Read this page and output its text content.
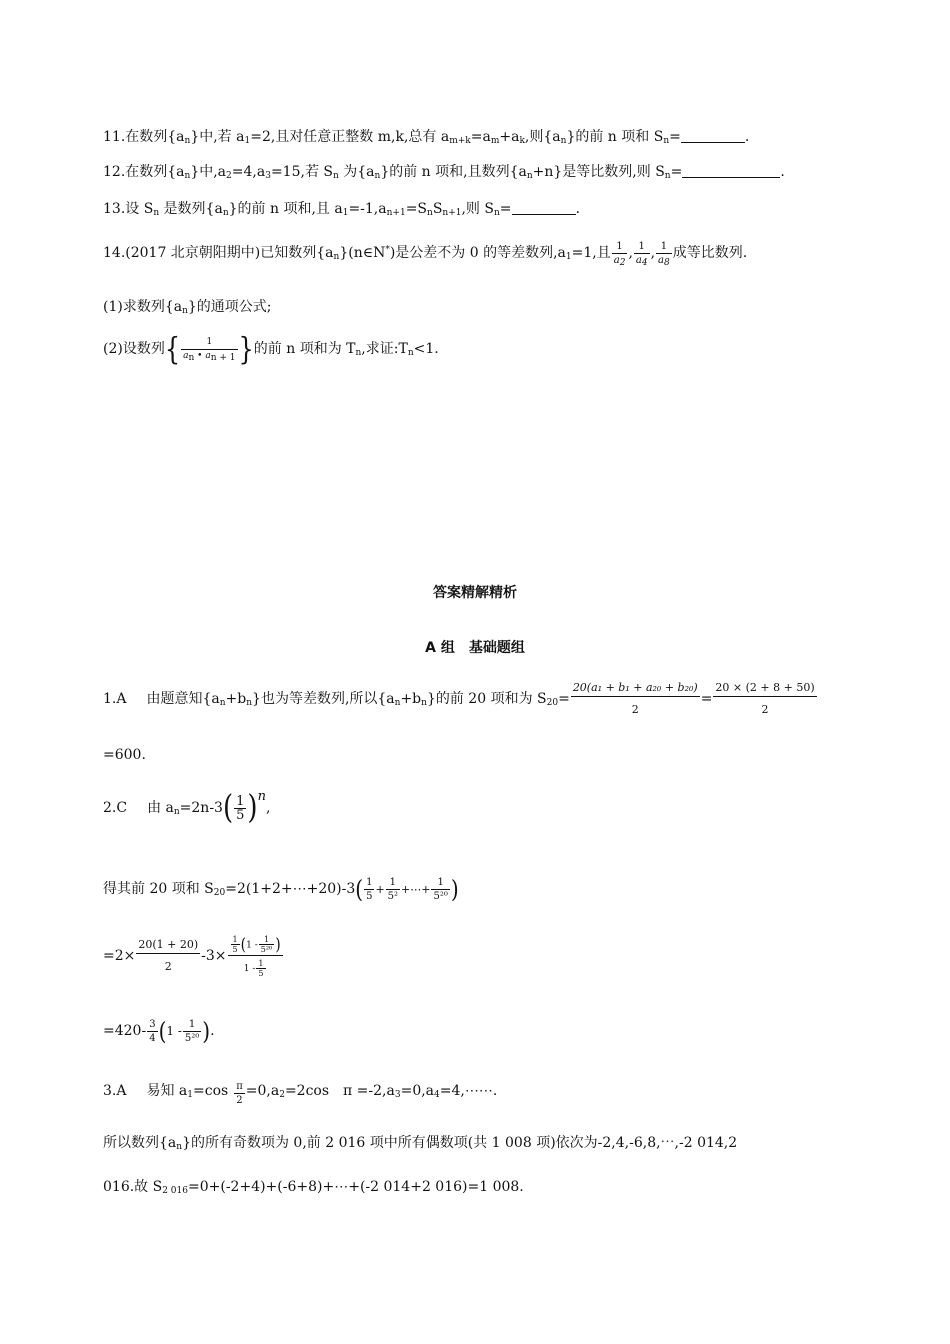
11.在数列$\{a_n\}$中,若 $a_1=2$,且对任意正整数 m,k,总有 $a_{m+k}=a_m+a_k$,则$\{a_n\}$的前 n 项和 $S_n=$	.
12.在数列$\{a_n\}$中$,a_2=4,a_3=15$,若 $S_n$ 为$\{a_n\}$的前 n 项和,且数列$\{a_n+n\}$是等比数列,则 $S_n=$	.
13.设 $S_n$ 是数列$\{a_n\}$的前 n 项和,且 $a_1=-1,a_{n+1}=S_nS_{n+1}$,则 $S_n=$	.
14.(2017 北京朝阳期中)已知数列$\{a_n\}(n\in N^*)$是公差不为 0 的等差数列$,a_1=1$,且 $\frac{1}{a_2}$ , $\frac{1}{a_4}$ , $\frac{1}{a_8}$ 成等比数列.
(1)求数列$\{a_n\}$的通项公式;
(2)设数列{ $\frac{1}{a_n • a_{n + 1}}$ }的前 n 项和为 $T_n$,求证$:T_n<1$.
答案精解精析
A 组　基础题组
1.A 由题意知$\{a_n+b_n\}$也为等差数列,所以$\{a_n+b_n\}$的前 20 项和为 $S_{20}= \frac{\text{20(a₁ + b₁ + a₂₀ + b₂₀)}}{2} = \frac{20 \times (2 + 8 + 50)}{2}$
=600.
2.C 由 $a_n=2n-3( \frac{1}{5} )^n$,
得其前 20 项和 $S_{20}=2(1+2+\cdots+20)-3( \frac{1}{5} + \frac{1}{\text{5²}}$ +⋯+ $\frac{1}{\text{5²⁰}}$ )
$=2\times \frac{20(1 + 20)}{2} -3\times \frac{\frac{1}{5} (1 - \frac{1}{\text{5²⁰}} )}{1 - \frac{1}{5}}$
$=420- \frac{3}{4} (1 - \frac{1}{\text{5²⁰}}$ ).
3.A 易知 $a_1=\cos \frac{\pi}{2} =0,a_2=2\cos$　$\pi =-2,a_3=0,a_4=4,\cdots\cdots$.
所以数列$\{a_n\}$的所有奇数项为 0,前 2 016 项中所有偶数项(共 1 008 项)依次为-2,4,-6,8,⋯,-2 014,2
016.故 $S_{2 016}=0+(-2+4)+(-6+8)+\cdots+(-2$ 014+2 016)=1 008.
